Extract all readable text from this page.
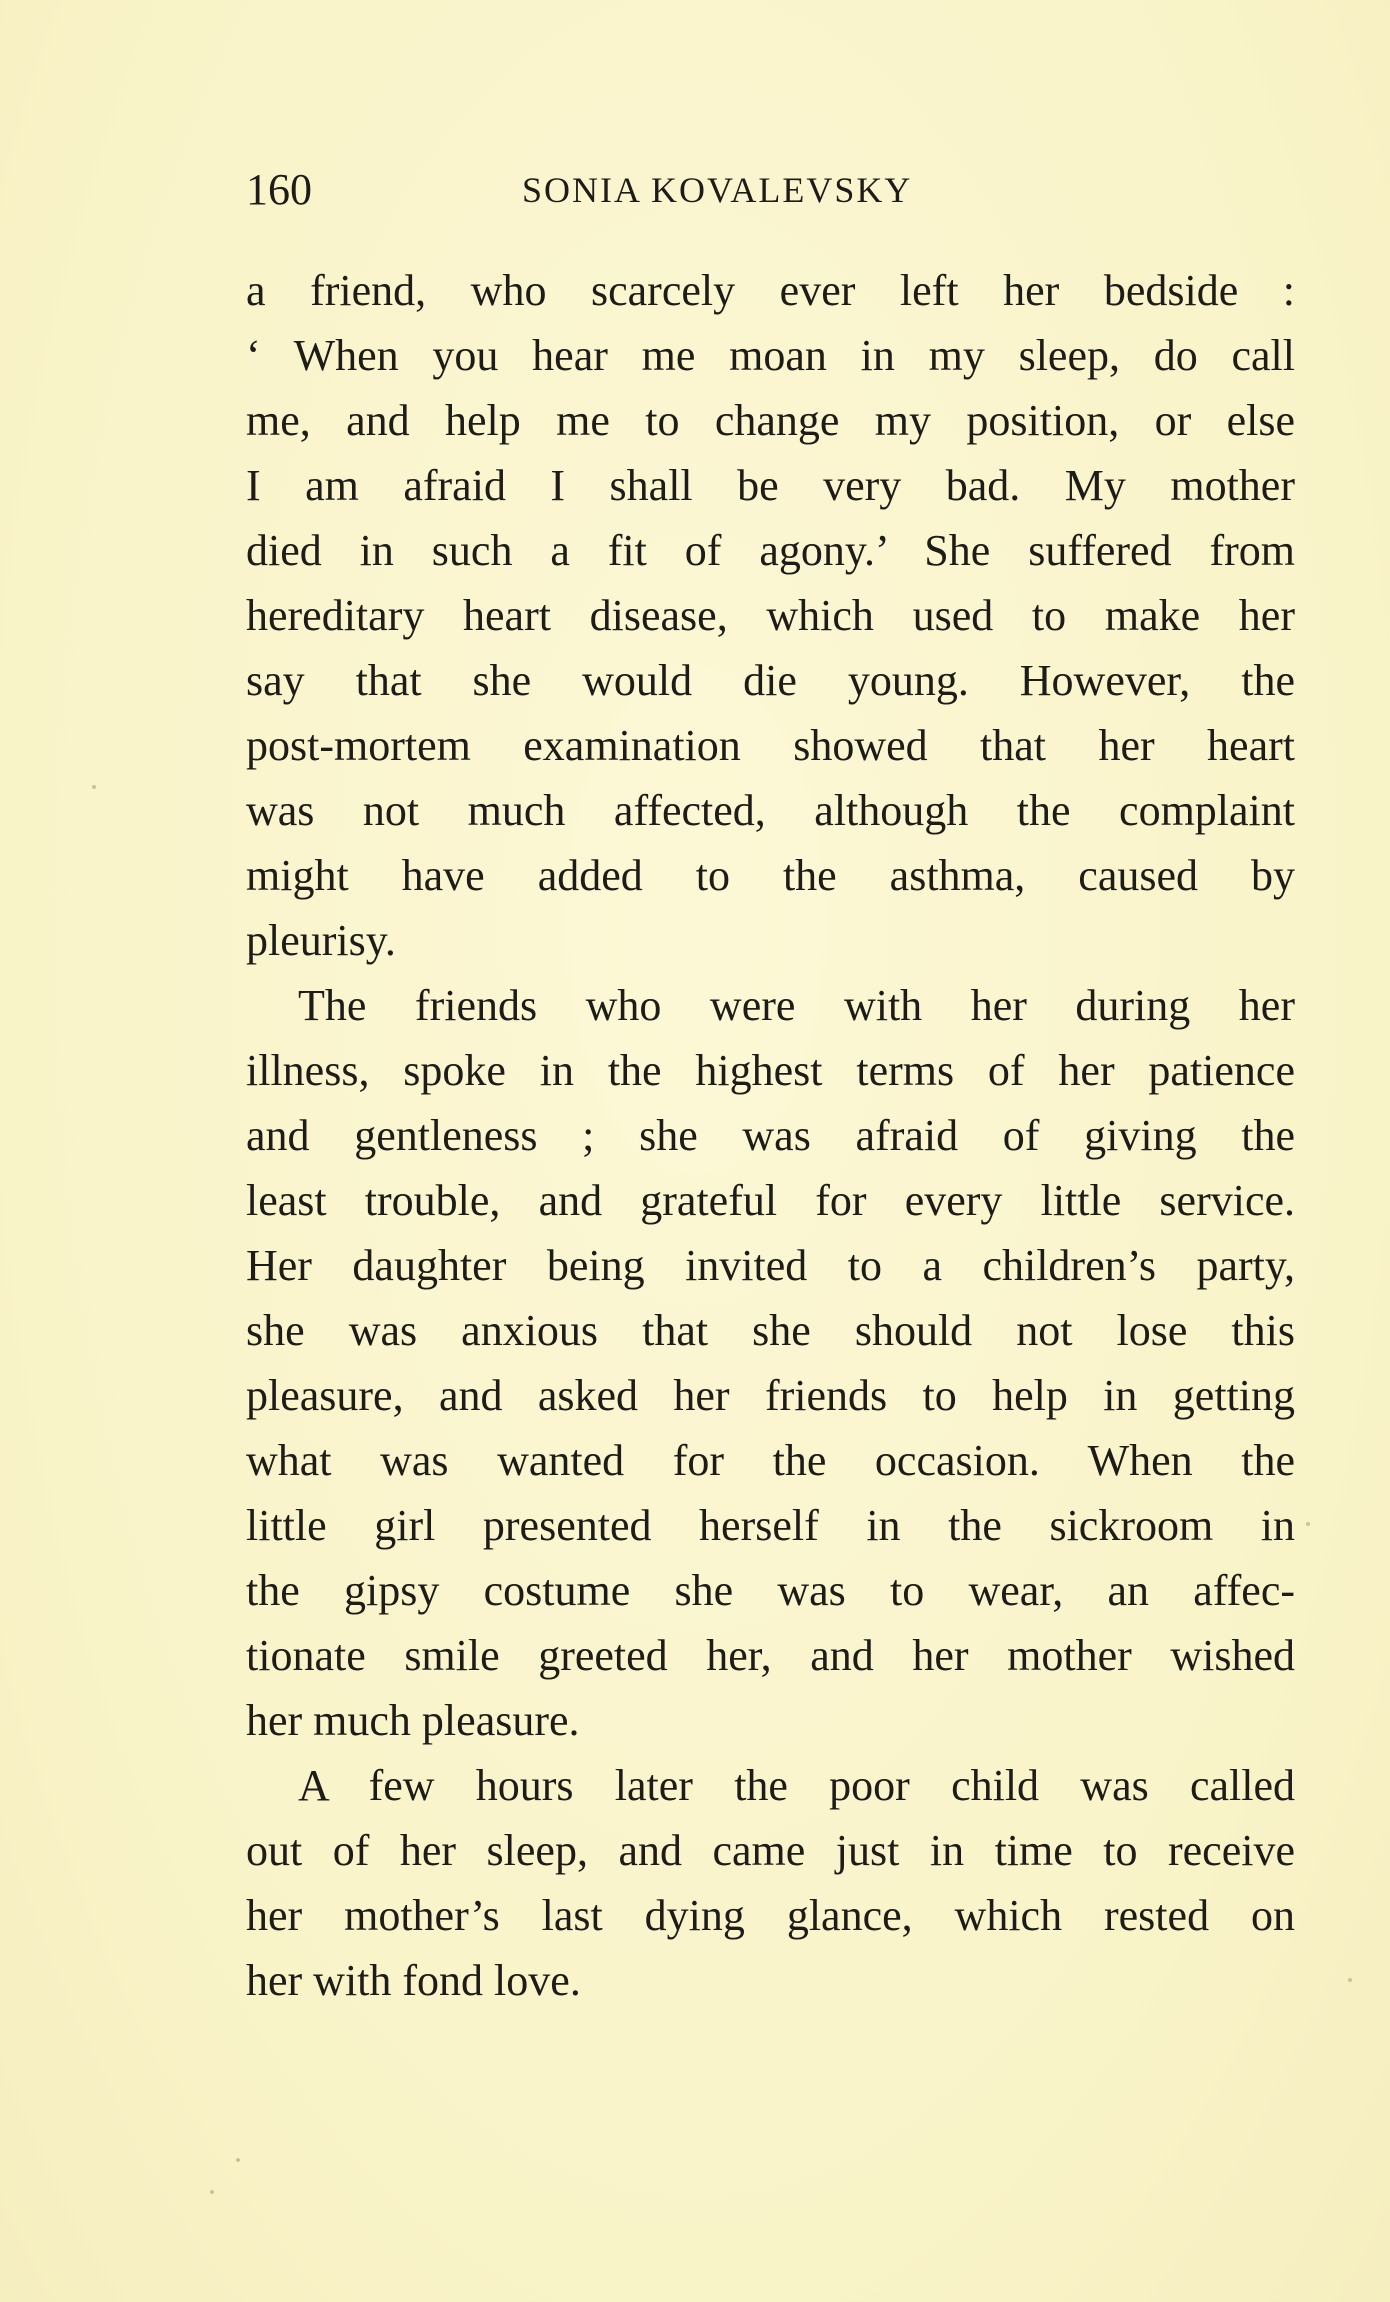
160	SONIA KOVALEVSKY
a friend, who scarcely ever left her bedside :
‘ When you hear me moan in my sleep, do call
me, and help me to change my position, or else
I am afraid I shall be very bad. My mother
died in such a fit of agony.’ She suffered from
hereditary heart disease, which used to make her
say that she would die young. However, the
post-mortem examination showed that her heart
was not much affected, although the complaint
might have added to the asthma, caused by
pleurisy.
The friends who were with her during her
illness, spoke in the highest terms of her patience
and gentleness ; she was afraid of giving the
least trouble, and grateful for every little service.
Her daughter being invited to a children’s party,
she was anxious that she should not lose this
pleasure, and asked her friends to help in getting
what was wanted for the occasion. When the
little girl presented herself in the sickroom in
the gipsy costume she was to wear, an affec-
tionate smile greeted her, and her mother wished
her much pleasure.
A few hours later the poor child was called
out of her sleep, and came just in time to receive
her mother’s last dying glance, which rested on
her with fond love.
